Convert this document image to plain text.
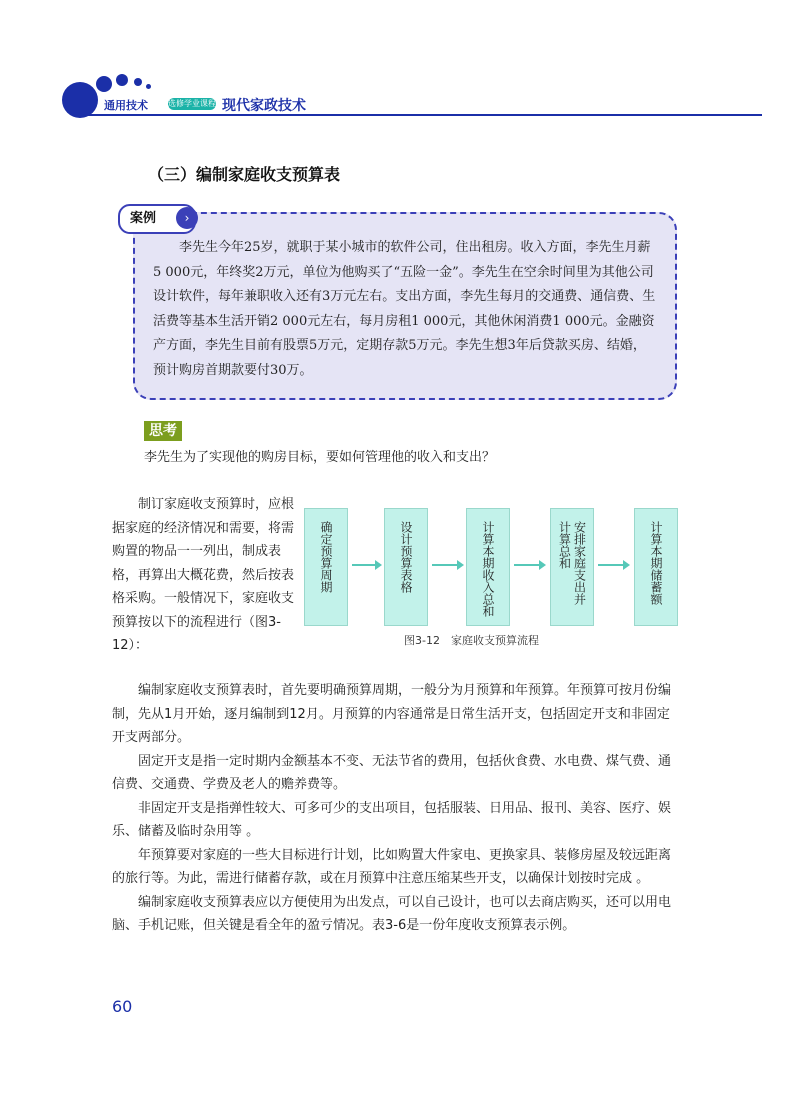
通用技术	选修学业课程 现代家政技术
（三）编制家庭收支预算表
案例	›

李先生今年25岁，就职于某小城市的软件公司，住出租房。收入方面，李先生月薪5 000元，年终奖2万元，单位为他购买了“五险一金”。李先生在空余时间里为其他公司设计软件，每年兼职收入还有3万元左右。支出方面，李先生每月的交通费、通信费、生活费等基本生活开销2 000元左右，每月房租1 000元，其他休闲消费1 000元。金融资产方面，李先生目前有股票5万元，定期存款5万元。李先生想3年后贷款买房、结婚，预计购房首期款要付30万。

思考
李先生为了实现他的购房目标，要如何管理他的收入和支出？

制订家庭收支预算时，应根据家庭的经济情况和需要，将需购置的物品一一列出，制成表格，再算出大概花费，然后按表格采购。一般情况下，家庭收支预算按以下的流程进行（图3-12）：

确定预算周期	设计预算表格	计算本期收入总和	安排家庭支出并
计算总和	计算本期储蓄额
图3-12　家庭收支预算流程

编制家庭收支预算表时，首先要明确预算周期，一般分为月预算和年预算。年预算可按月份编制，先从1月开始，逐月编制到12月。月预算的内容通常是日常生活开支，包括固定开支和非固定开支两部分。

固定开支是指一定时期内金额基本不变、无法节省的费用，包括伙食费、水电费、煤气费、通信费、交通费、学费及老人的赡养费等。

非固定开支是指弹性较大、可多可少的支出项目，包括服装、日用品、报刊、美容、医疗、娱乐、储蓄及临时杂用等 。

年预算要对家庭的一些大目标进行计划，比如购置大件家电、更换家具、装修房屋及较远距离的旅行等。为此，需进行储蓄存款，或在月预算中注意压缩某些开支，以确保计划按时完成 。

编制家庭收支预算表应以方便使用为出发点，可以自己设计，也可以去商店购买，还可以用电脑、手机记账，但关键是看全年的盈亏情况。表3-6是一份年度收支预算表示例。

60
